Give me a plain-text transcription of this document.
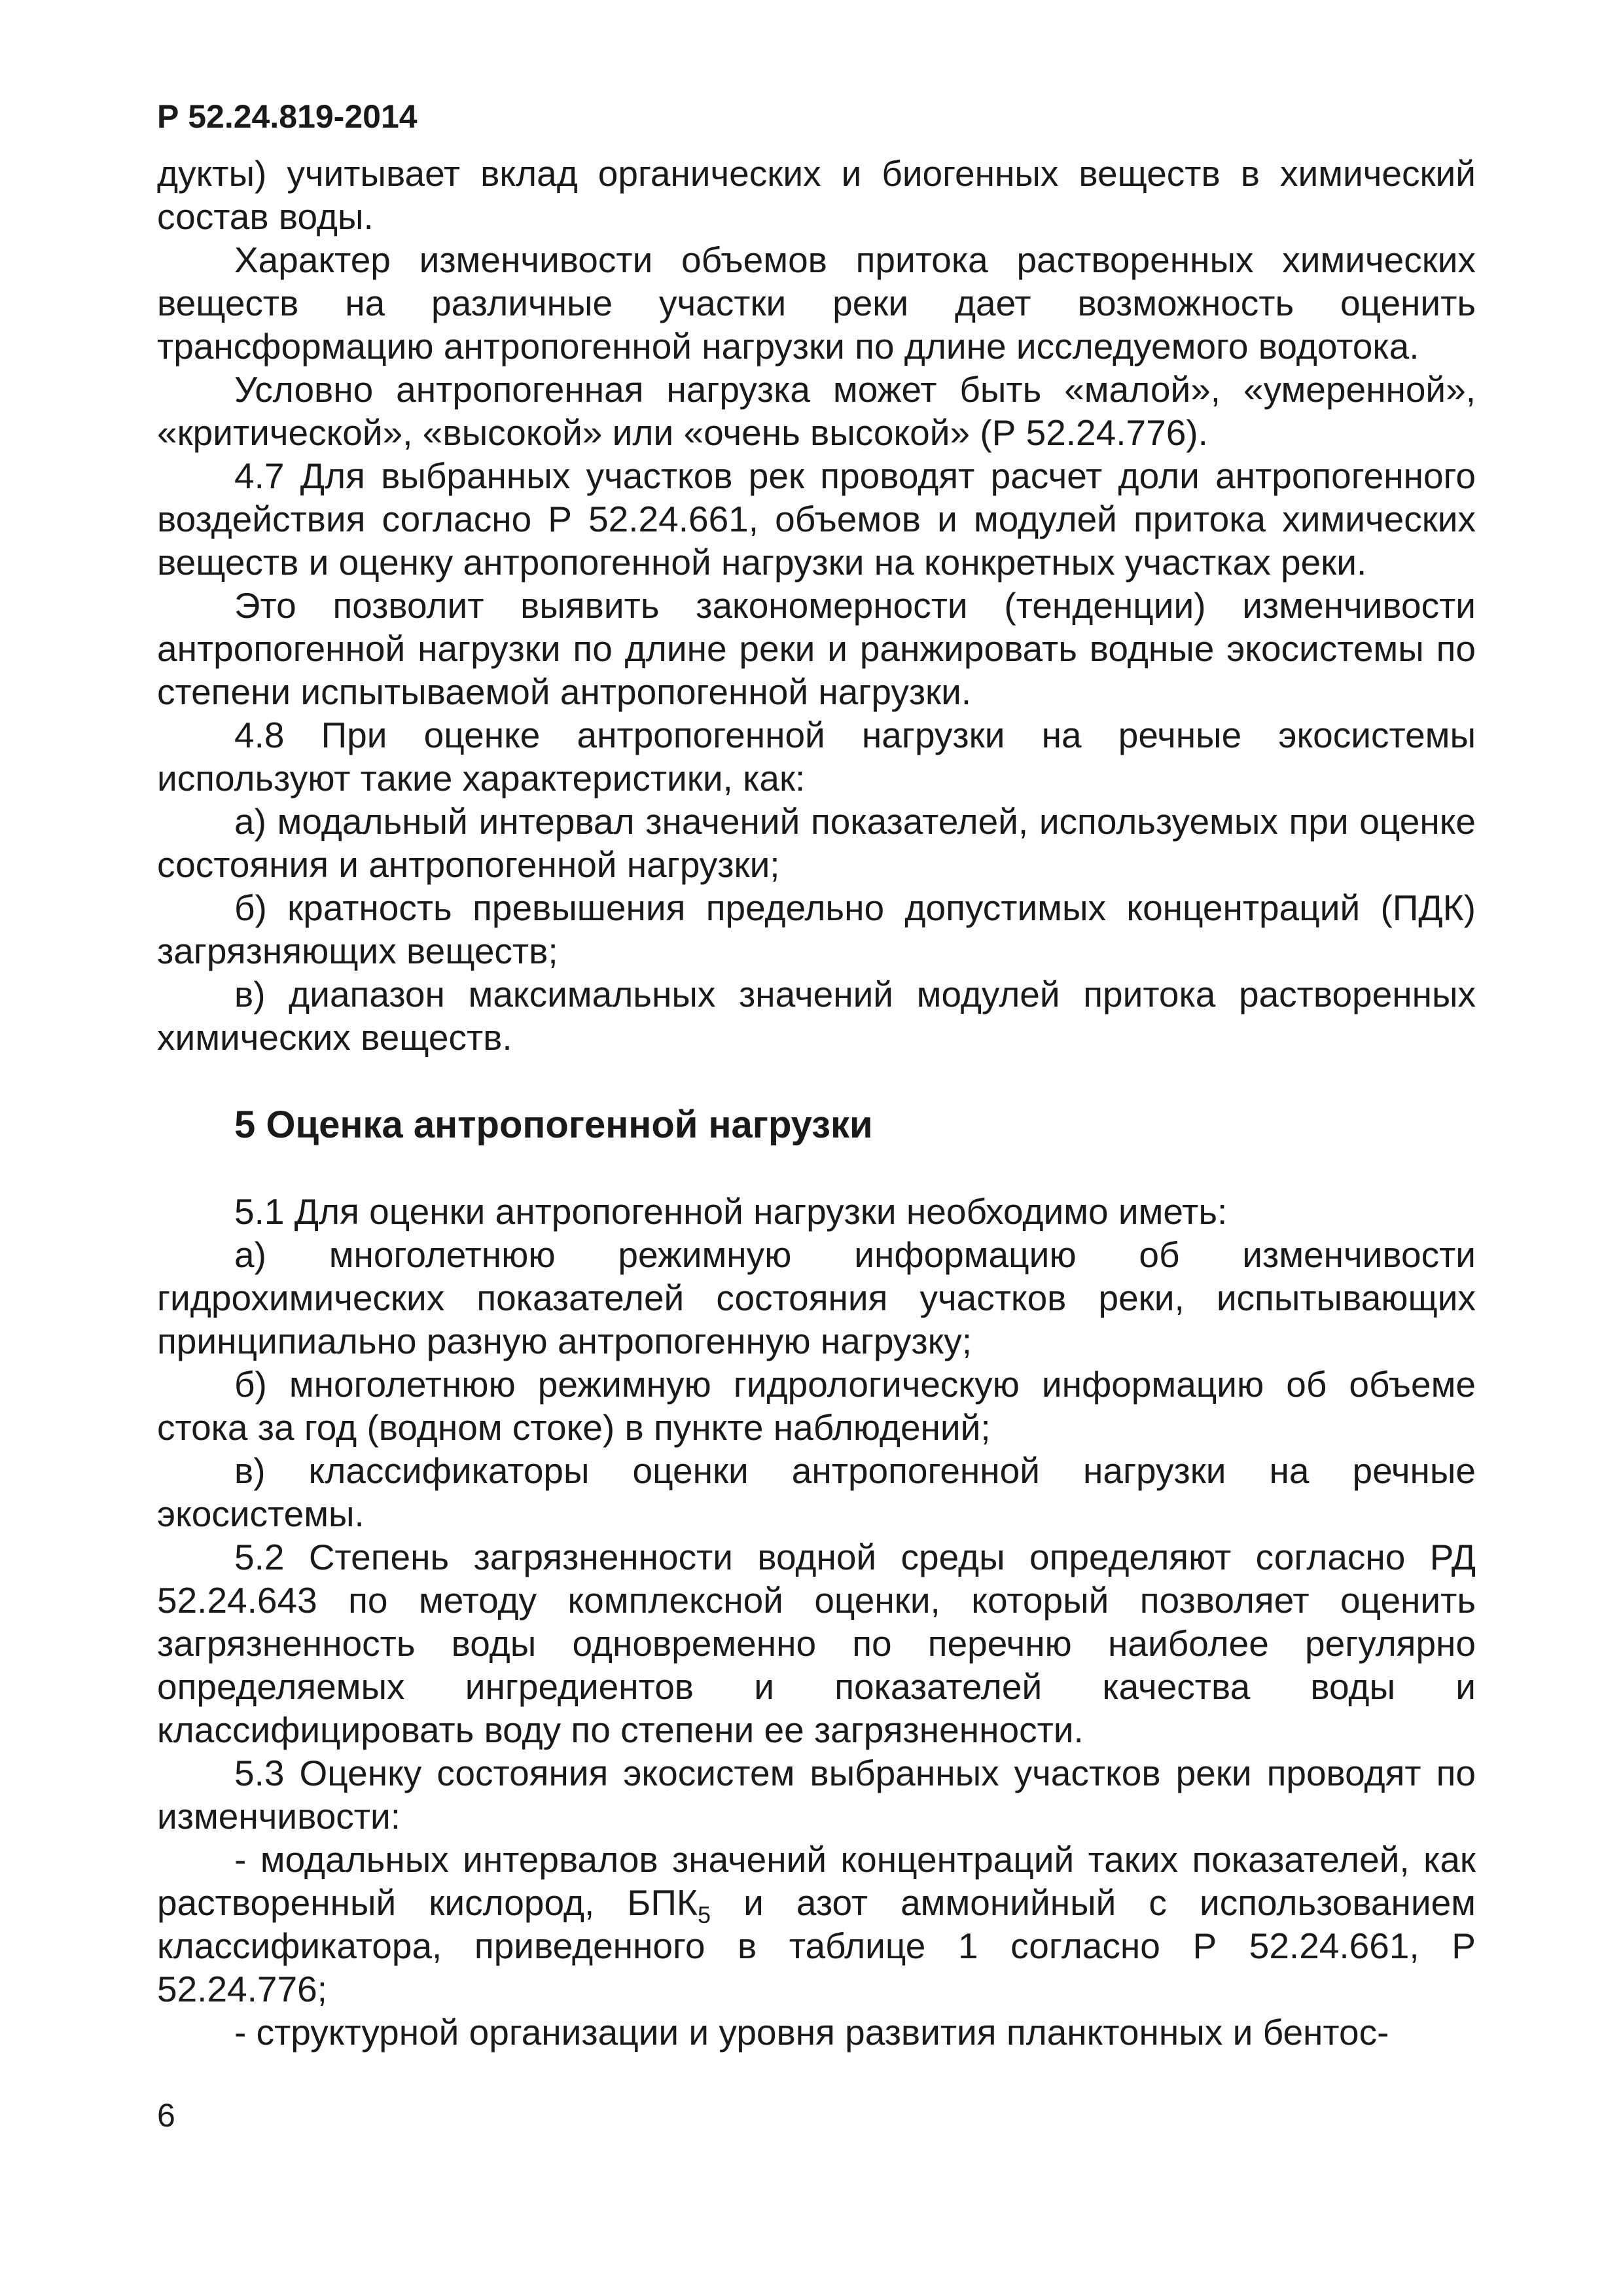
Р 52.24.819-2014

дукты) учитывает вклад органических и биогенных веществ в химический состав воды.

Характер изменчивости объемов притока растворенных химических веществ на различные участки реки дает возможность оценить трансформацию антропогенной нагрузки по длине исследуемого водотока.

Условно антропогенная нагрузка может быть «малой», «умеренной», «критической», «высокой» или «очень высокой» (Р 52.24.776).

4.7 Для выбранных участков рек проводят расчет доли антропогенного воздействия согласно Р 52.24.661, объемов и модулей притока химических веществ и оценку антропогенной нагрузки на конкретных участках реки.

Это позволит выявить закономерности (тенденции) изменчивости антропогенной нагрузки по длине реки и ранжировать водные экосистемы по степени испытываемой антропогенной нагрузки.

4.8 При оценке антропогенной нагрузки на речные экосистемы используют такие характеристики, как:

а) модальный интервал значений показателей, используемых при оценке состояния и антропогенной нагрузки;

б) кратность превышения предельно допустимых концентраций (ПДК) загрязняющих веществ;

в) диапазон максимальных значений модулей притока растворенных химических веществ.

5 Оценка антропогенной нагрузки

5.1 Для оценки антропогенной нагрузки необходимо иметь:

а) многолетнюю режимную информацию об изменчивости гидрохимических показателей состояния участков реки, испытывающих принципиально разную антропогенную нагрузку;

б) многолетнюю режимную гидрологическую информацию об объеме стока за год (водном стоке) в пункте наблюдений;

в) классификаторы оценки антропогенной нагрузки на речные экосистемы.

5.2 Степень загрязненности водной среды определяют согласно РД 52.24.643 по методу комплексной оценки, который позволяет оценить загрязненность воды одновременно по перечню наиболее регулярно определяемых ингредиентов и показателей качества воды и классифицировать воду по степени ее загрязненности.

5.3 Оценку состояния экосистем выбранных участков реки проводят по изменчивости:

- модальных интервалов значений концентраций таких показателей, как растворенный кислород, $БПК_5$ и азот аммонийный с использованием классификатора, приведенного в таблице 1 согласно Р 52.24.661, Р 52.24.776;

- структурной организации и уровня развития планктонных и бентос-

6
